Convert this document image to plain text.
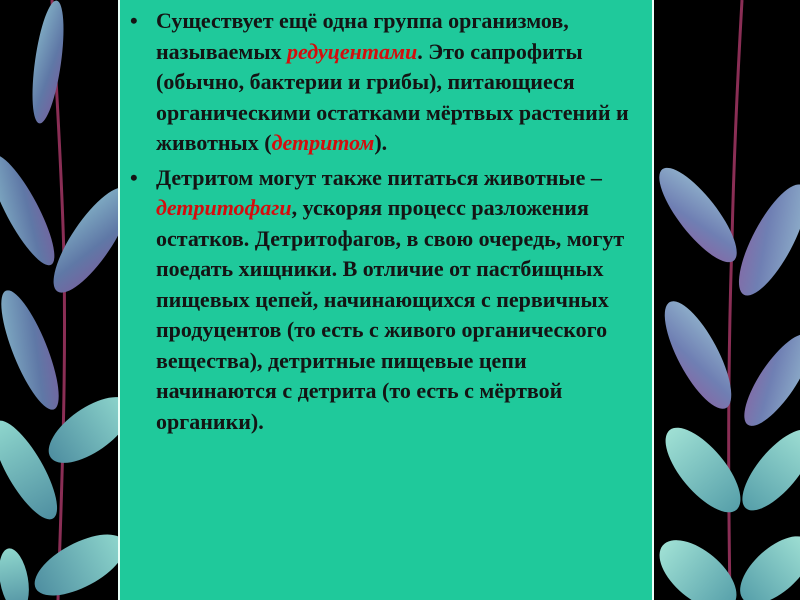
• Существует ещё одна группа организмов, называемых редуцентами. Это сапрофиты (обычно, бактерии и грибы), питающиеся органическими остатками мёртвых растений и животных (детритом).
• Детритом могут также питаться животные – детритофаги, ускоряя процесс разложения остатков. Детритофагов, в свою очередь, могут поедать хищники. В отличие от пастбищных пищевых цепей, начинающихся с первичных продуцентов (то есть с живого органического вещества), детритные пищевые цепи начинаются с детрита (то есть с мёртвой органики).
